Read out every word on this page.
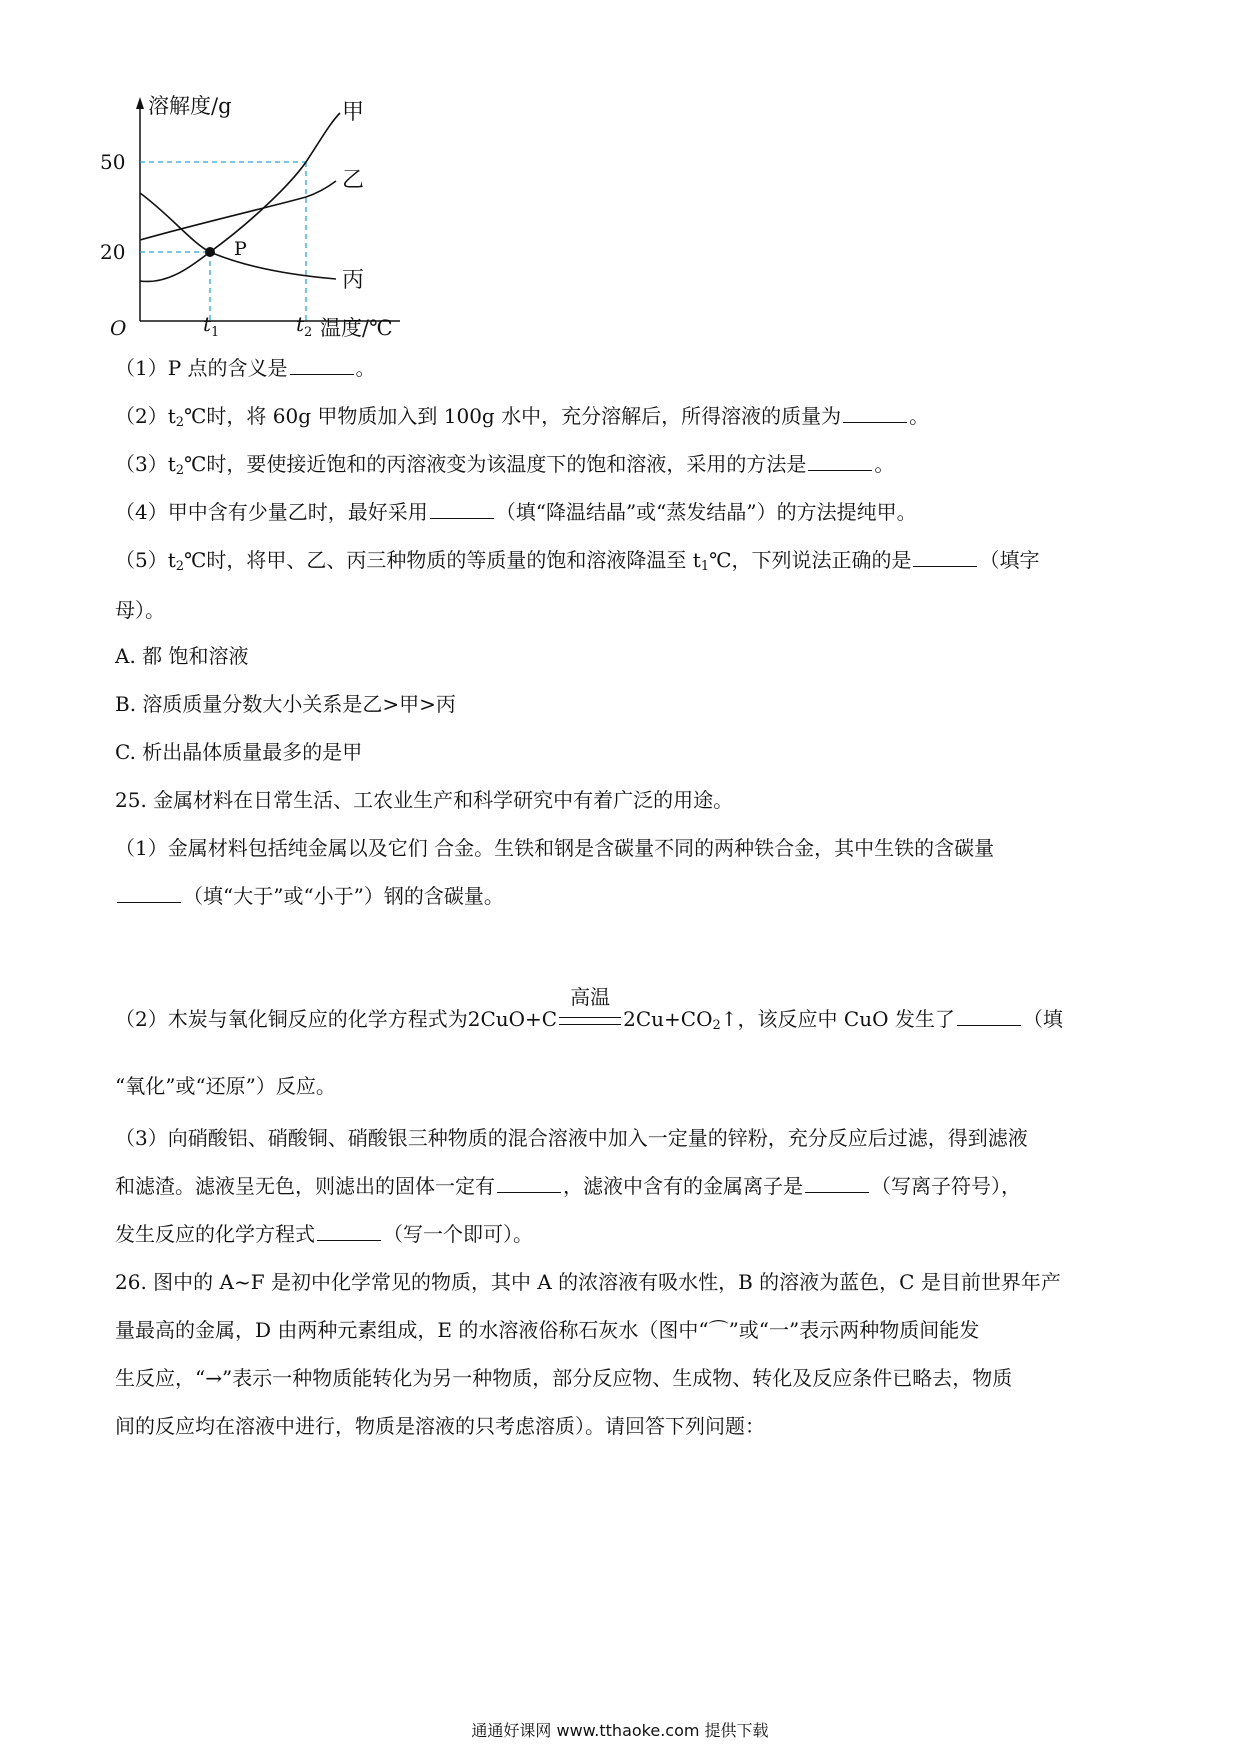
溶解度/g
50
20
O	$t_1$	$t_2$ 温度/℃
P
甲
乙
丙
（1）P 点的含义是	。
$(2)t_2℃$时，将 60g 甲物质加入到 100g 水中，充分溶解后，所得溶液的质量为	。
$(3)t_2℃$时，要使接近饱和的丙溶液变为该温度下的饱和溶液，采用的方法是	。
（4）甲中含有少量乙时，最好采用	（填“降温结晶”或“蒸发结晶”）的方法提纯甲。
$(5)t_2℃$时，将甲、乙、丙三种物质的等质量的饱和溶液降温至 $t_1℃$，下列说法正确的是	（填字
母）。
A. 都 饱和溶液
B. 溶质质量分数大小关系是乙>甲>丙
C. 析出晶体质量最多的是甲
25. 金属材料在日常生活、工农业生产和科学研究中有着广泛的用途。
（1）金属材料包括纯金属以及它们 合金。生铁和钢是含碳量不同的两种铁合金，其中生铁的含碳量
（填“大于”或“小于”）钢的含碳量。
（2）木炭与氧化铜反应的化学方程式为2CuO+C
高温
$2Cu+CO_2↑$，该反应中 CuO 发生了	（填
“氧化”或“还原”）反应。
（3）向硝酸铝、硝酸铜、硝酸银三种物质的混合溶液中加入一定量的锌粉，充分反应后过滤，得到滤液
和滤渣。滤液呈无色，则滤出的固体一定有	，滤液中含有的金属离子是	（写离子符号），
发生反应的化学方程式	（写一个即可）。
26. 图中的 A~F 是初中化学常见的物质，其中 A 的浓溶液有吸水性，B 的溶液为蓝色，C 是目前世界年产
量最高的金属，D 由两种元素组成，E 的水溶液俗称石灰水（图中“⌒”或“一”表示两种物质间能发
生反应，“→”表示一种物质能转化为另一种物质，部分反应物、生成物、转化及反应条件已略去，物质
间的反应均在溶液中进行，物质是溶液的只考虑溶质）。请回答下列问题：
通通好课网 www.tthaoke.com 提供下载
